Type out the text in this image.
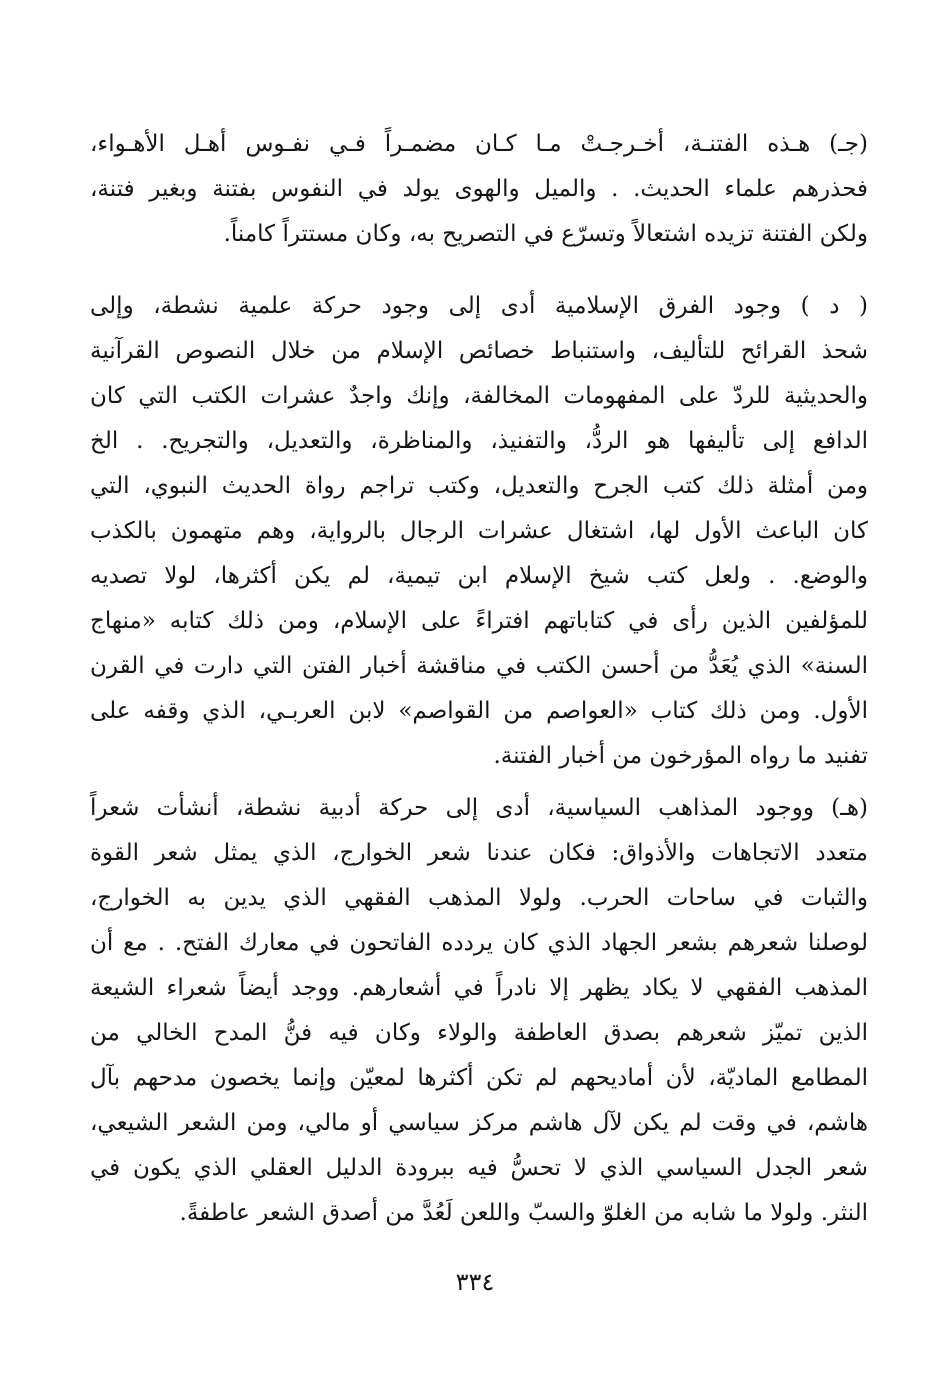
(جـ) هـذه الفتنـة، أخـرجـتْ مـا كـان مضمـراً فـي نفـوس أهـل الأهـواء،
فحذرهم علماء الحديث. . والميل والهوى يولد في النفوس بفتنة وبغير فتنة،
ولكن الفتنة تزيده اشتعالاً وتسرّع في التصريح به، وكان مستتراً كامناً.
( د ) وجود الفرق الإسلامية أدى إلى وجود حركة علمية نشطة، وإلى
شحذ القرائح للتأليف، واستنباط خصائص الإسلام من خلال النصوص القرآنية
والحديثية للردّ على المفهومات المخالفة، وإنك واجدٌ عشرات الكتب التي كان
الدافع إلى تأليفها هو الردُّ، والتفنيذ، والمناظرة، والتعديل، والتجريح. . الخ
ومن أمثلة ذلك كتب الجرح والتعديل، وكتب تراجم رواة الحديث النبوي، التي
كان الباعث الأول لها، اشتغال عشرات الرجال بالرواية، وهم متهمون بالكذب
والوضع. . ولعل كتب شيخ الإسلام ابن تيمية، لم يكن أكثرها، لولا تصديه
للمؤلفين الذين رأى في كتاباتهم افتراءً على الإسلام، ومن ذلك كتابه «منهاج
السنة» الذي يُعَدُّ من أحسن الكتب في مناقشة أخبار الفتن التي دارت في القرن
الأول. ومن ذلك كتاب «العواصم من القواصم» لابن العربـي، الذي وقفه على
تفنيد ما رواه المؤرخون من أخبار الفتنة.
(هـ) ووجود المذاهب السياسية، أدى إلى حركة أدبية نشطة، أنشأت شعراً
متعدد الاتجاهات والأذواق: فكان عندنا شعر الخوارج، الذي يمثل شعر القوة
والثبات في ساحات الحرب. ولولا المذهب الفقهي الذي يدين به الخوارج،
لوصلنا شعرهم بشعر الجهاد الذي كان يردده الفاتحون في معارك الفتح. . مع أن
المذهب الفقهي لا يكاد يظهر إلا نادراً في أشعارهم. ووجد أيضاً شعراء الشيعة
الذين تميّز شعرهم بصدق العاطفة والولاء وكان فيه فنُّ المدح الخالي من
المطامع الماديّة، لأن أماديحهم لم تكن أكثرها لمعيّن وإنما يخصون مدحهم بآل
هاشم، في وقت لم يكن لآل هاشم مركز سياسي أو مالي، ومن الشعر الشيعي،
شعر الجدل السياسي الذي لا تحسُّ فيه ببرودة الدليل العقلي الذي يكون في
النثر. ولولا ما شابه من الغلوّ والسبّ واللعن لَعُدَّ من أصدق الشعر عاطفةً.
٣٣٤
